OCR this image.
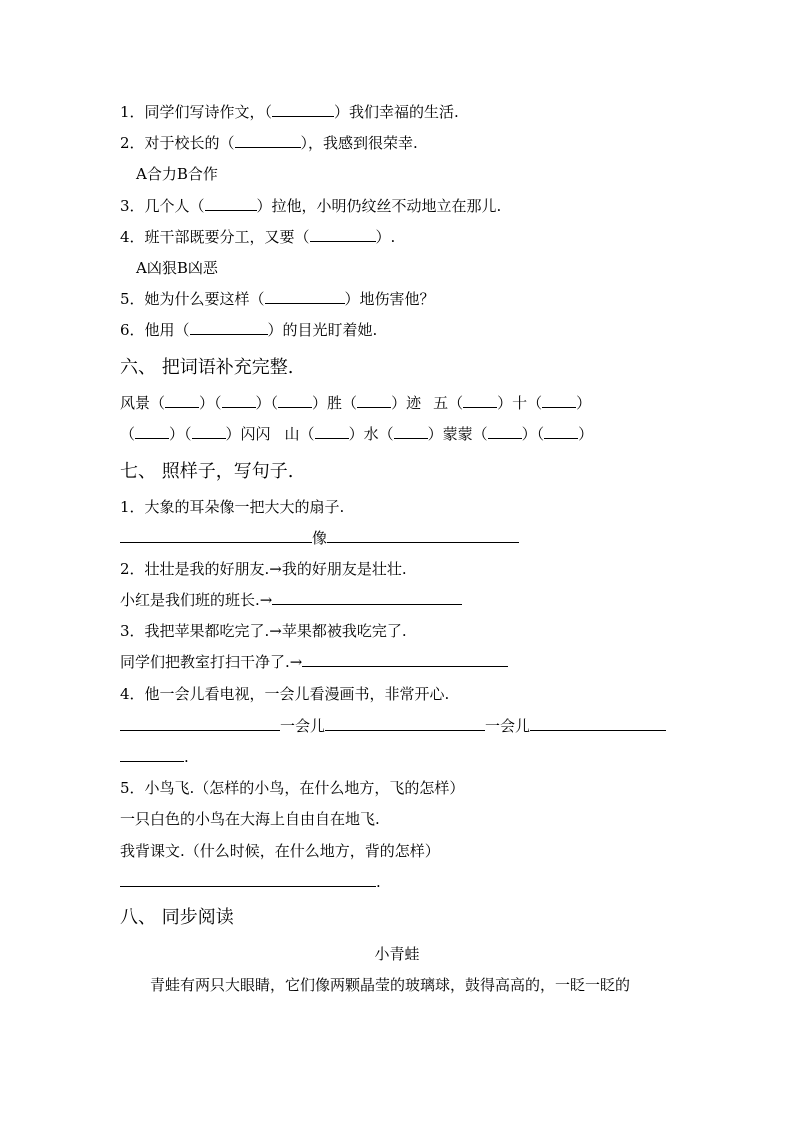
1．同学们写诗作文，（	）我们幸福的生活.
2．对于校长的（	），我感到很荣幸.
A合力B合作
3．几个人（	）拉他，小明仍纹丝不动地立在那儿.
4．班干部既要分工，又要（	）.
A凶狠B凶恶
5．她为什么要这样（	）地伤害他？
6．他用（	）的目光盯着她.
六、 把词语补充完整.
风景（ ）（ ）（ ）胜（ ）迹 五（ ）十（ ）
（ ）（ ）闪闪 山（ ）水（ ）蒙蒙（ ）（ ）
七、 照样子，写句子.
1．大象的耳朵像一把大大的扇子.
像
2．壮壮是我的好朋友.→我的好朋友是壮壮.
小红是我们班的班长.→
3．我把苹果都吃完了.→苹果都被我吃完了.
同学们把教室打扫干净了.→
4．他一会儿看电视，一会儿看漫画书，非常开心.
一会儿	一会儿
.
5．小鸟飞.（怎样的小鸟，在什么地方，飞的怎样）
一只白色的小鸟在大海上自由自在地飞.
我背课文.（什么时候，在什么地方，背的怎样）
.
八、 同步阅读
小青蛙
青蛙有两只大眼睛，它们像两颗晶莹的玻璃球，鼓得高高的，一眨一眨的
